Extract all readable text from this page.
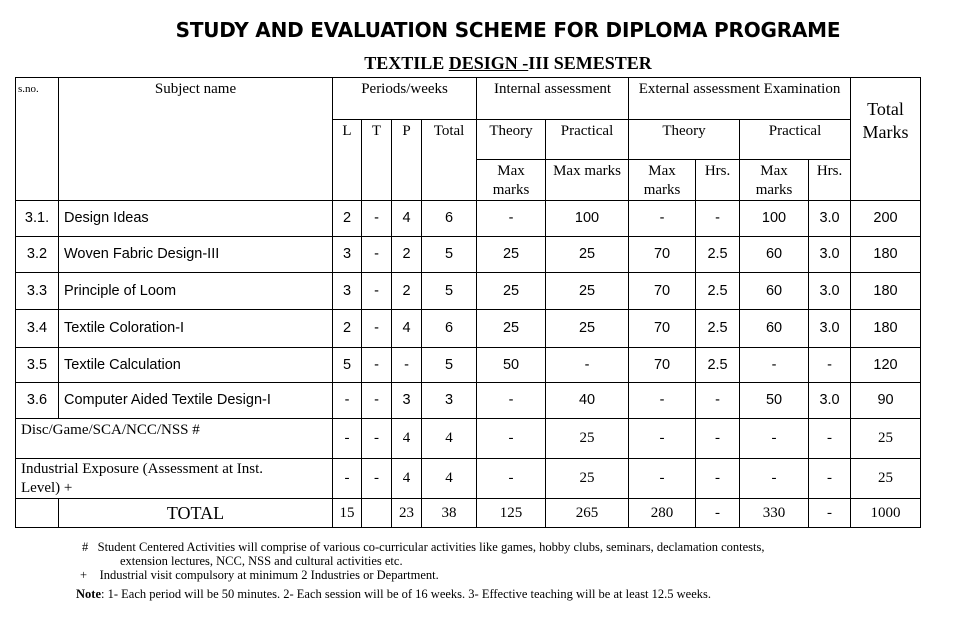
STUDY AND EVALUATION SCHEME FOR DIPLOMA PROGRAME
TEXTILE DESIGN -III SEMESTER
s.no.	Subject name	Periods/weeks				Internal assessment		External assessment Examination				Total Marks
		L	T	P	Total	Theory	Practical	Theory		Practical		
						Max marks	Max marks	Max marks	Hrs.	Max marks	Hrs.	
3.1.	Design Ideas	2	-	4	6	-	100	-	-	100	3.0	200
3.2	Woven Fabric Design-III	3	-	2	5	25	25	70	2.5	60	3.0	180
3.3	Principle of Loom	3	-	2	5	25	25	70	2.5	60	3.0	180
3.4	Textile Coloration-I	2	-	4	6	25	25	70	2.5	60	3.0	180
3.5	Textile Calculation	5	-	-	5	50	-	70	2.5	-	-	120
3.6	Computer Aided Textile Design-I	-	-	3	3	-	40	-	-	50	3.0	90
Disc/Game/SCA/NCC/NSS #		-	-	4	4	-	25	-	-	-	-	25
Industrial Exposure (Assessment at Inst. Level) +		-	-	4	4	-	25	-	-	-	-	25
	TOTAL	15		23	38	125	265	280	-	330	-	1000
# Student Centered Activities will comprise of various co-curricular activities like games, hobby clubs, seminars, declamation contests,
extension lectures, NCC, NSS and cultural activities etc.
+ Industrial visit compulsory at minimum 2 Industries or Department.
Note: 1- Each period will be 50 minutes. 2- Each session will be of 16 weeks. 3- Effective teaching will be at least 12.5 weeks.
